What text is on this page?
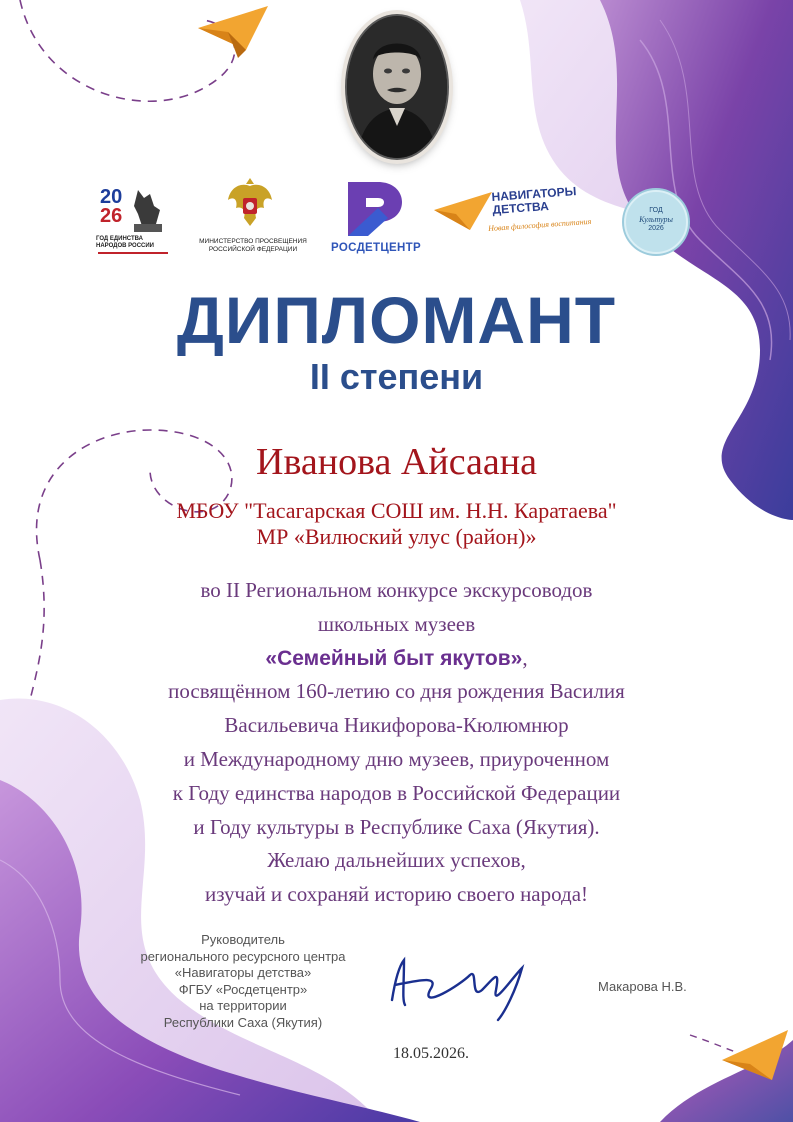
20
26
ГОД ЕДИНСТВА
НАРОДОВ РОССИИ
МИНИСТЕРСТВО ПРОСВЕЩЕНИЯ
РОССИЙСКОЙ ФЕДЕРАЦИИ	РОСДЕТЦЕНТР
НАВИГАТОРЫ
ДЕТСТВА
Новая философия воспитания
ГОД
Культуры
2026
ДИПЛОМАНТ
II степени
Иванова Айсаана
МБОУ "Тасагарская СОШ им. Н.Н. Каратаева"
МР «Вилюский улус (район)»
во II Региональном конкурсе экскурсоводов
школьных музеев
«Семейный быт якутов»,
посвящённом 160-летию со дня рождения Василия
Васильевича Никифорова-Кюлюмнюр
и Международному дню музеев, приуроченном
к Году единства народов в Российской Федерации
и Году культуры в Республике Саха (Якутия).
Желаю дальнейших успехов,
изучай и сохраняй историю своего народа!
Руководитель
регионального ресурсного центра
«Навигаторы детства»
ФГБУ «Росдетцентр»
на территории
Республики Саха (Якутия)
Макарова Н.В.
18.05.2026.
